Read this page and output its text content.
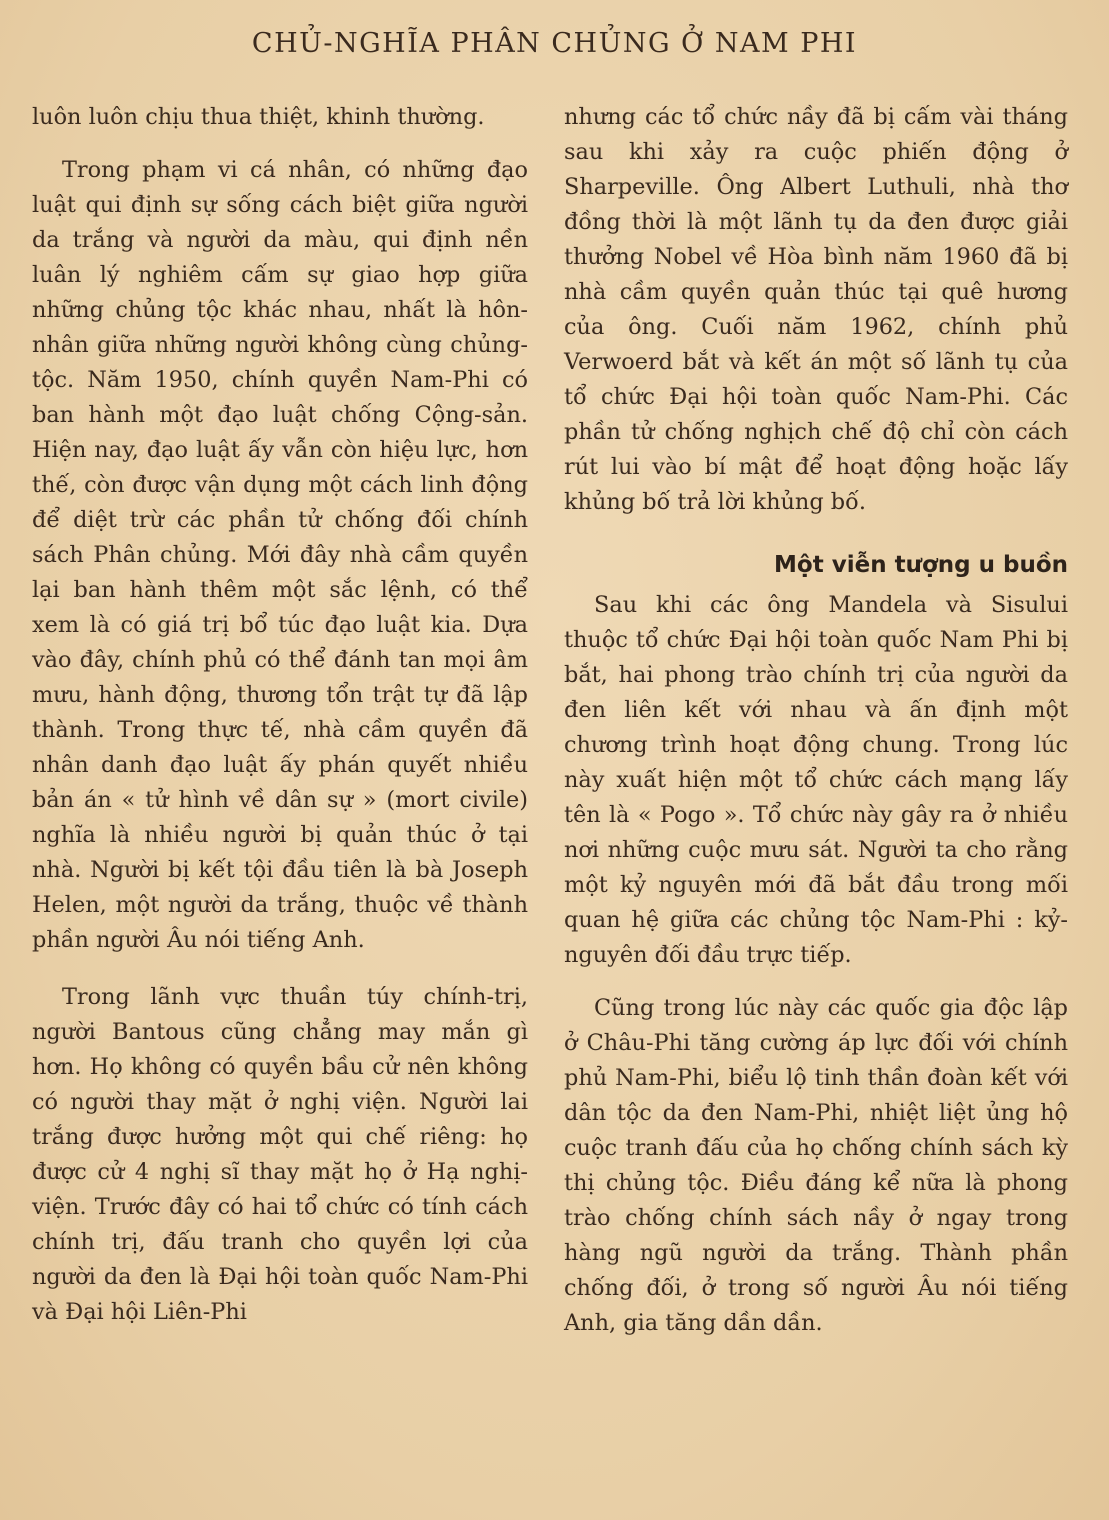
CHỦ-NGHĨA PHÂN CHỦNG Ở NAM PHI

luôn luôn chịu thua thiệt, khinh thường.

Trong phạm vi cá nhân, có những đạo luật qui định sự sống cách biệt giữa người da trắng và người da màu, qui định nền luân lý nghiêm cấm sự giao hợp giữa những chủng tộc khác nhau, nhất là hôn-nhân giữa những người không cùng chủng-tộc. Năm 1950, chính quyền Nam-Phi có ban hành một đạo luật chống Cộng-sản. Hiện nay, đạo luật ấy vẫn còn hiệu lực, hơn thế, còn được vận dụng một cách linh động để diệt trừ các phần tử chống đối chính sách Phân chủng. Mới đây nhà cầm quyền lại ban hành thêm một sắc lệnh, có thể xem là có giá trị bổ túc đạo luật kia. Dựa vào đây, chính phủ có thể đánh tan mọi âm mưu, hành động, thương tổn trật tự đã lập thành. Trong thực tế, nhà cầm quyền đã nhân danh đạo luật ấy phán quyết nhiều bản án « tử hình về dân sự » (mort civile) nghĩa là nhiều người bị quản thúc ở tại nhà. Người bị kết tội đầu tiên là bà Joseph Helen, một người da trắng, thuộc về thành phần người Âu nói tiếng Anh.

Trong lãnh vực thuần túy chính-trị, người Bantous cũng chẳng may mắn gì hơn. Họ không có quyền bầu cử nên không có người thay mặt ở nghị viện. Người lai trắng được hưởng một qui chế riêng: họ được cử 4 nghị sĩ thay mặt họ ở Hạ nghị-viện. Trước đây có hai tổ chức có tính cách chính trị, đấu tranh cho quyền lợi của người da đen là Đại hội toàn quốc Nam-Phi và Đại hội Liên-Phi

nhưng các tổ chức nầy đã bị cấm vài tháng sau khi xảy ra cuộc phiến động ở Sharpeville. Ông Albert Luthuli, nhà thơ đồng thời là một lãnh tụ da đen được giải thưởng Nobel về Hòa bình năm 1960 đã bị nhà cầm quyền quản thúc tại quê hương của ông. Cuối năm 1962, chính phủ Verwoerd bắt và kết án một số lãnh tụ của tổ chức Đại hội toàn quốc Nam-Phi. Các phần tử chống nghịch chế độ chỉ còn cách rút lui vào bí mật để hoạt động hoặc lấy khủng bố trả lời khủng bố.

Một viễn tượng u buồn

Sau khi các ông Mandela và Sisului thuộc tổ chức Đại hội toàn quốc Nam Phi bị bắt, hai phong trào chính trị của người da đen liên kết với nhau và ấn định một chương trình hoạt động chung. Trong lúc này xuất hiện một tổ chức cách mạng lấy tên là « Pogo ». Tổ chức này gây ra ở nhiều nơi những cuộc mưu sát. Người ta cho rằng một kỷ nguyên mới đã bắt đầu trong mối quan hệ giữa các chủng tộc Nam-Phi : kỷ-nguyên đối đầu trực tiếp.

Cũng trong lúc này các quốc gia độc lập ở Châu-Phi tăng cường áp lực đối với chính phủ Nam-Phi, biểu lộ tinh thần đoàn kết với dân tộc da đen Nam-Phi, nhiệt liệt ủng hộ cuộc tranh đấu của họ chống chính sách kỳ thị chủng tộc. Điều đáng kể nữa là phong trào chống chính sách nầy ở ngay trong hàng ngũ người da trắng. Thành phần chống đối, ở trong số người Âu nói tiếng Anh, gia tăng dần dần.
